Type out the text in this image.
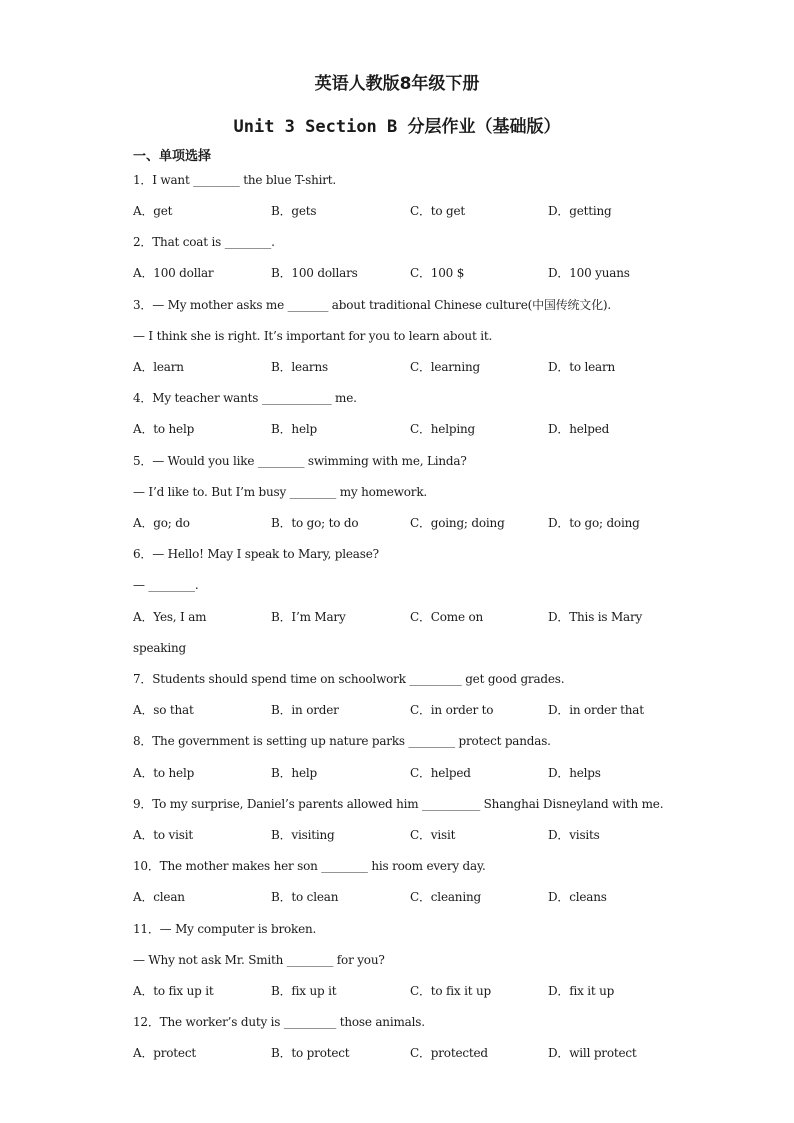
英语人教版8年级下册
Unit 3 Section B 分层作业（基础版）
一、单项选择
1．I want ________ the blue T-shirt.
A．get	B．gets	C．to get	D．getting
2．That coat is ________.
A．100 dollar	B．100 dollars	C．100 $	D．100 yuans
3．— My mother asks me _______ about traditional Chinese culture(中国传统文化).
— I think she is right. It’s important for you to learn about it.
A．learn	B．learns	C．learning	D．to learn
4．My teacher wants ____________ me.
A．to help	B．help	C．helping	D．helped
5．— Would you like ________ swimming with me, Linda?
— I’d like to. But I’m busy ________ my homework.
A．go; do	B．to go; to do	C．going; doing	D．to go; doing
6．— Hello! May I speak to Mary, please?
— ________.
A．Yes, I am	B．I’m Mary	C．Come on	D．This is Mary
speaking
7．Students should spend time on schoolwork _________ get good grades.
A．so that	B．in order	C．in order to	D．in order that
8．The government is setting up nature parks ________ protect pandas.
A．to help	B．help	C．helped	D．helps
9．To my surprise, Daniel’s parents allowed him __________ Shanghai Disneyland with me.
A．to visit	B．visiting	C．visit	D．visits
10．The mother makes her son ________ his room every day.
A．clean	B．to clean	C．cleaning	D．cleans
11．— My computer is broken.
— Why not ask Mr. Smith ________ for you?
A．to fix up it	B．fix up it	C．to fix it up	D．fix it up
12．The worker’s duty is _________ those animals.
A．protect	B．to protect	C．protected	D．will protect
